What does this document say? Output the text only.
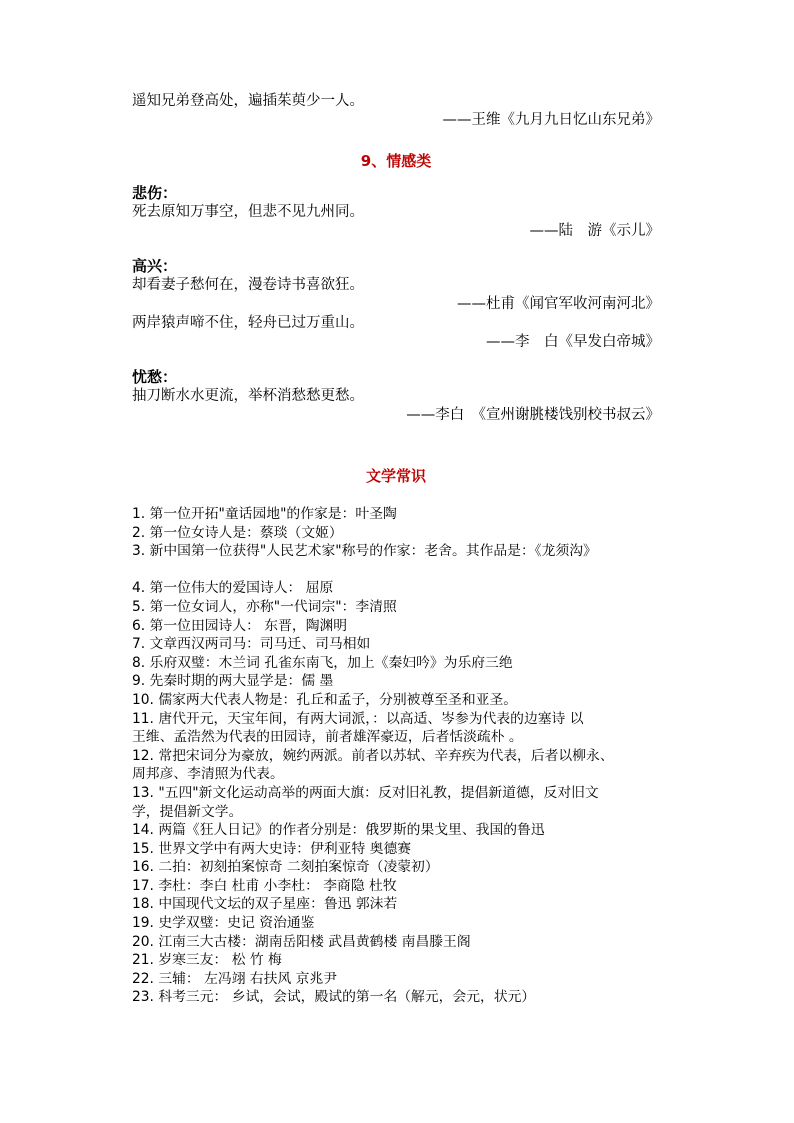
遥知兄弟登高处，遍插茱萸少一人。
——王维《九月九日忆山东兄弟》
9、情感类
悲伤：
死去原知万事空，但悲不见九州同。
——陆　游《示儿》
高兴：
却看妻子愁何在，漫卷诗书喜欲狂。
——杜甫《闻官军收河南河北》
两岸猿声啼不住，轻舟已过万重山。
——李　白《早发白帝城》
忧愁：
抽刀断水水更流，举杯消愁愁更愁。
——李白　《宣州谢朓楼饯别校书叔云》
文学常识
1. 第一位开拓"童话园地"的作家是：叶圣陶
2. 第一位女诗人是：蔡琰（文姬）
3. 新中国第一位获得"人民艺术家"称号的作家：老舍。其作品是：《龙须沟》
4. 第一位伟大的爱国诗人： 屈原
5. 第一位女词人，亦称"一代词宗"：李清照
6. 第一位田园诗人： 东晋，陶渊明
7. 文章西汉两司马：司马迁、司马相如
8. 乐府双璧：木兰词 孔雀东南飞，加上《秦妇吟》为乐府三绝
9. 先秦时期的两大显学是：儒 墨
10. 儒家两大代表人物是：孔丘和孟子，分别被尊至圣和亚圣。
11. 唐代开元，天宝年间，有两大词派，：以高适、岑参为代表的边塞诗 以
王维、孟浩然为代表的田园诗，前者雄浑豪迈，后者恬淡疏朴 。
12. 常把宋词分为豪放，婉约两派。前者以苏轼、辛弃疾为代表，后者以柳永、
周邦彦、李清照为代表。
13. "五四"新文化运动高举的两面大旗：反对旧礼教，提倡新道德，反对旧文
学，提倡新文学。
14. 两篇《狂人日记》的作者分别是：俄罗斯的果戈里、我国的鲁迅
15. 世界文学中有两大史诗：伊利亚特 奥德赛
16. 二拍：初刻拍案惊奇 二刻拍案惊奇（凌蒙初）
17. 李杜：李白 杜甫 小李杜： 李商隐 杜牧
18. 中国现代文坛的双子星座：鲁迅 郭沫若
19. 史学双璧：史记 资治通鉴
20. 江南三大古楼：湖南岳阳楼 武昌黄鹤楼 南昌滕王阁
21. 岁寒三友： 松 竹 梅
22. 三辅： 左冯翊 右扶风 京兆尹
23. 科考三元： 乡试，会试，殿试的第一名（解元，会元，状元）
